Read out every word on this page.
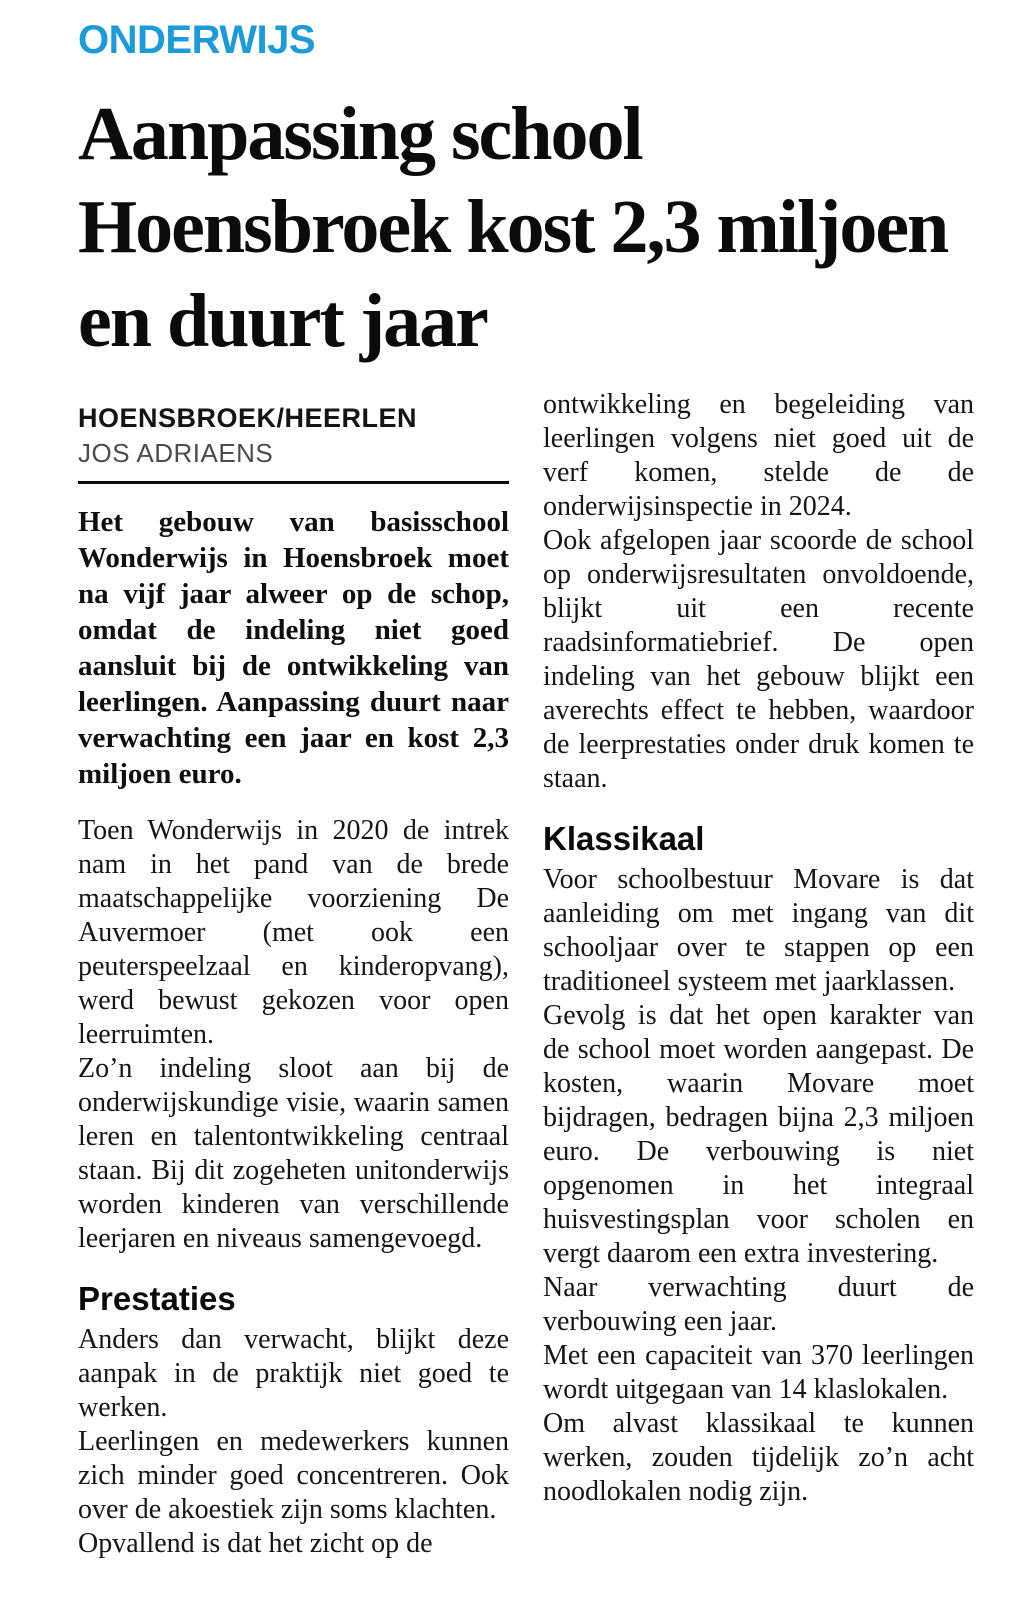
ONDERWIJS
Aanpassing school Hoensbroek kost 2,3 miljoen en duurt jaar
HOENSBROEK/HEERLEN
JOS ADRIAENS

Het gebouw van basisschool Wonderwijs in Hoensbroek moet na vijf jaar alweer op de schop, omdat de indeling niet goed aansluit bij de ontwikkeling van leerlingen. Aanpassing duurt naar verwachting een jaar en kost 2,3 miljoen euro.

Toen Wonderwijs in 2020 de intrek nam in het pand van de brede maatschappelijke voorziening De Auvermoer (met ook een peuterspeelzaal en kinderopvang), werd bewust gekozen voor open leerruimten.

Zo’n indeling sloot aan bij de onderwijskundige visie, waarin samen leren en talentontwikkeling centraal staan. Bij dit zogeheten unitonderwijs worden kinderen van verschillende leerjaren en niveaus samengevoegd.

Prestaties

Anders dan verwacht, blijkt deze aanpak in de praktijk niet goed te werken.

Leerlingen en medewerkers kunnen zich minder goed concentreren. Ook over de akoestiek zijn soms klachten.

Opvallend is dat het zicht op de

ontwikkeling en begeleiding van leerlingen volgens niet goed uit de verf komen, stelde de de onderwijsinspectie in 2024.

Ook afgelopen jaar scoorde de school op onderwijsresultaten onvoldoende, blijkt uit een recente raadsinformatiebrief. De open indeling van het gebouw blijkt een averechts effect te hebben, waardoor de leerprestaties onder druk komen te staan.

Klassikaal

Voor schoolbestuur Movare is dat aanleiding om met ingang van dit schooljaar over te stappen op een traditioneel systeem met jaarklassen.

Gevolg is dat het open karakter van de school moet worden aangepast. De kosten, waarin Movare moet bijdragen, bedragen bijna 2,3 miljoen euro. De verbouwing is niet opgenomen in het integraal huisvestingsplan voor scholen en vergt daarom een extra investering.

Naar verwachting duurt de verbouwing een jaar.

Met een capaciteit van 370 leerlingen wordt uitgegaan van 14 klaslokalen.

Om alvast klassikaal te kunnen werken, zouden tijdelijk zo’n acht noodlokalen nodig zijn.
